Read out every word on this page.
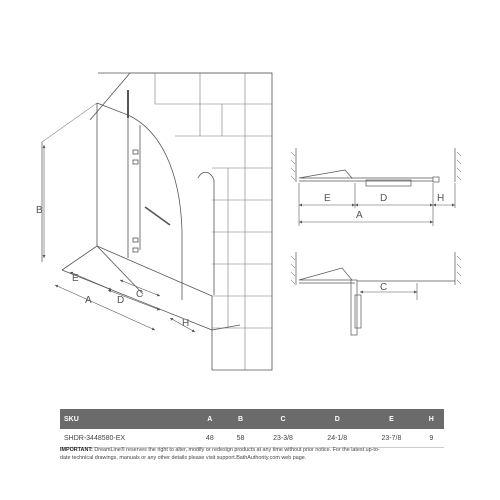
B
A
E
D
C
H
E	D
A
H
C
SKU	A	B	C	D	E	H
SHDR-3448580-EX	48	58	23-3/8	24-1/8	23-7/8	9
IMPORTANT: DreamLine® reserves the right to alter, modify or redesign products at any time without prior notice. For the latest up-to-
date technical drawings, manuals or any other details please visit support.BathAuthority.com web page.
